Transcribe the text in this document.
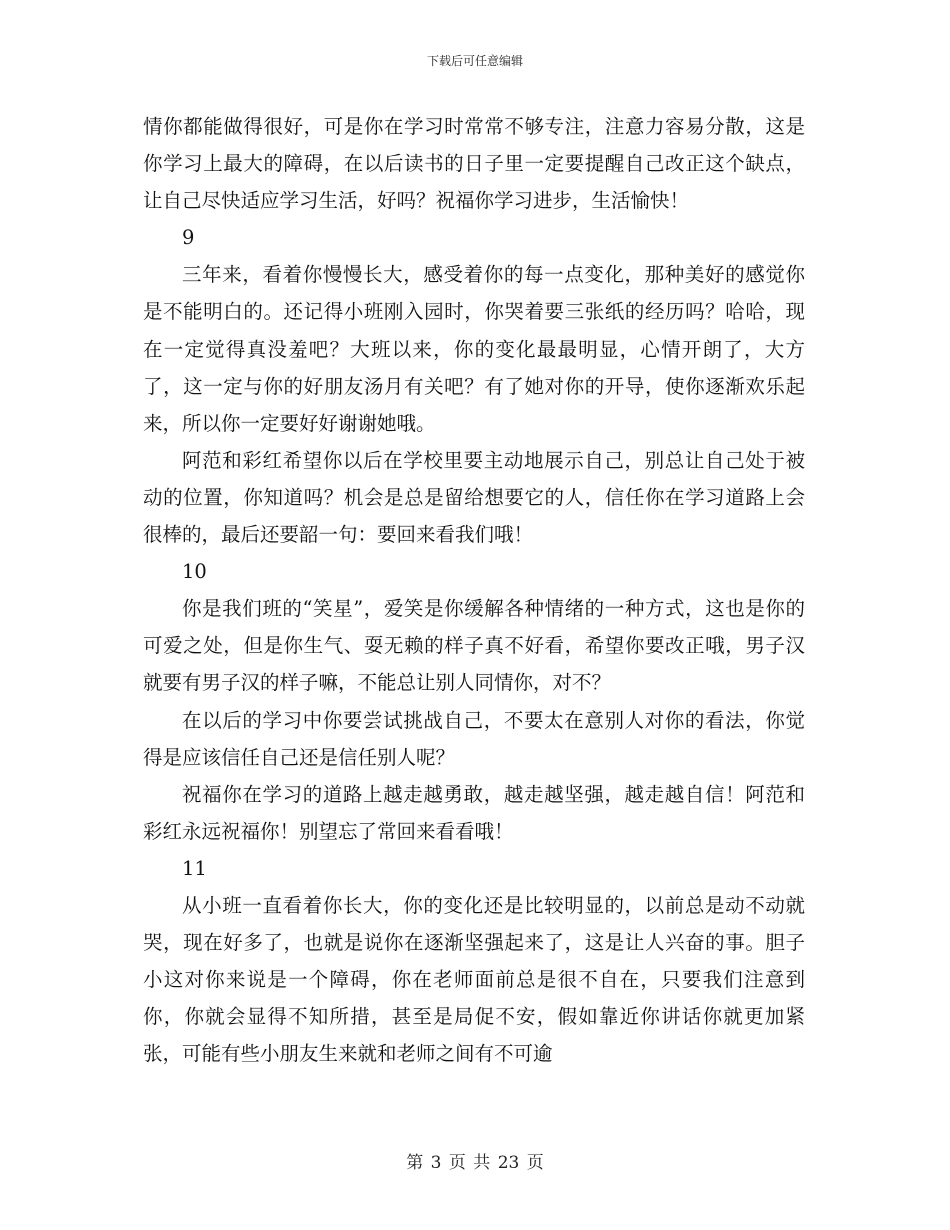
下载后可任意编辑

情你都能做得很好，可是你在学习时常常不够专注，注意力容易分散，这是你学习上最大的障碍，在以后读书的日子里一定要提醒自己改正这个缺点，让自己尽快适应学习生活，好吗？祝福你学习进步，生活愉快！

9

三年来，看着你慢慢长大，感受着你的每一点变化，那种美好的感觉你是不能明白的。还记得小班刚入园时，你哭着要三张纸的经历吗？哈哈，现在一定觉得真没羞吧？大班以来，你的变化最最明显，心情开朗了，大方了，这一定与你的好朋友汤月有关吧？有了她对你的开导，使你逐渐欢乐起来，所以你一定要好好谢谢她哦。

阿范和彩红希望你以后在学校里要主动地展示自己，别总让自己处于被动的位置，你知道吗？机会是总是留给想要它的人，信任你在学习道路上会很棒的，最后还要韶一句：要回来看我们哦！

10

你是我们班的“笑星”，爱笑是你缓解各种情绪的一种方式，这也是你的可爱之处，但是你生气、耍无赖的样子真不好看，希望你要改正哦，男子汉就要有男子汉的样子嘛，不能总让别人同情你，对不？

在以后的学习中你要尝试挑战自己，不要太在意别人对你的看法，你觉得是应该信任自己还是信任别人呢？

祝福你在学习的道路上越走越勇敢，越走越坚强，越走越自信！阿范和彩红永远祝福你！别望忘了常回来看看哦！

11

从小班一直看着你长大，你的变化还是比较明显的，以前总是动不动就哭，现在好多了，也就是说你在逐渐坚强起来了，这是让人兴奋的事。胆子小这对你来说是一个障碍，你在老师面前总是很不自在，只要我们注意到你，你就会显得不知所措，甚至是局促不安，假如靠近你讲话你就更加紧张，可能有些小朋友生来就和老师之间有不可逾

第 3 页 共 23 页
